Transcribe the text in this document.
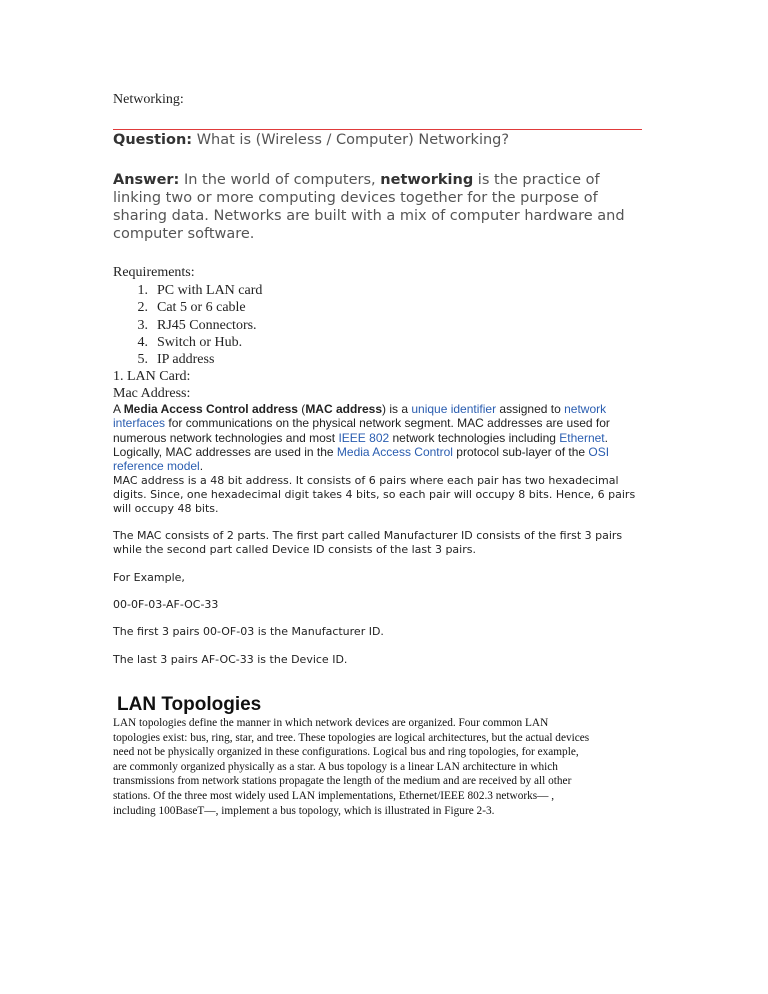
Networking:
Question: What is (Wireless / Computer) Networking?
Answer: In the world of computers, networking is the practice of linking two or more computing devices together for the purpose of sharing data. Networks are built with a mix of computer hardware and computer software.
Requirements:
1. PC with LAN card
2. Cat 5 or 6 cable
3. RJ45 Connectors.
4. Switch or Hub.
5. IP address
1. LAN Card:
Mac Address:
A Media Access Control address (MAC address) is a unique identifier assigned to network interfaces for communications on the physical network segment. MAC addresses are used for numerous network technologies and most IEEE 802 network technologies including Ethernet. Logically, MAC addresses are used in the Media Access Control protocol sub-layer of the OSI reference model.
MAC address is a 48 bit address. It consists of 6 pairs where each pair has two hexadecimal digits. Since, one hexadecimal digit takes 4 bits, so each pair will occupy 8 bits. Hence, 6 pairs will occupy 48 bits.
The MAC consists of 2 parts. The first part called Manufacturer ID consists of the first 3 pairs while the second part called Device ID consists of the last 3 pairs.
For Example,
00-0F-03-AF-OC-33
The first 3 pairs 00-OF-03 is the Manufacturer ID.
The last 3 pairs AF-OC-33 is the Device ID.
LAN Topologies
LAN topologies define the manner in which network devices are organized. Four common LAN topologies exist: bus, ring, star, and tree. These topologies are logical architectures, but the actual devices need not be physically organized in these configurations. Logical bus and ring topologies, for example, are commonly organized physically as a star. A bus topology is a linear LAN architecture in which transmissions from network stations propagate the length of the medium and are received by all other stations. Of the three most widely used LAN implementations, Ethernet/IEEE 802.3 networks— , including 100BaseT—, implement a bus topology, which is illustrated in Figure 2-3.
